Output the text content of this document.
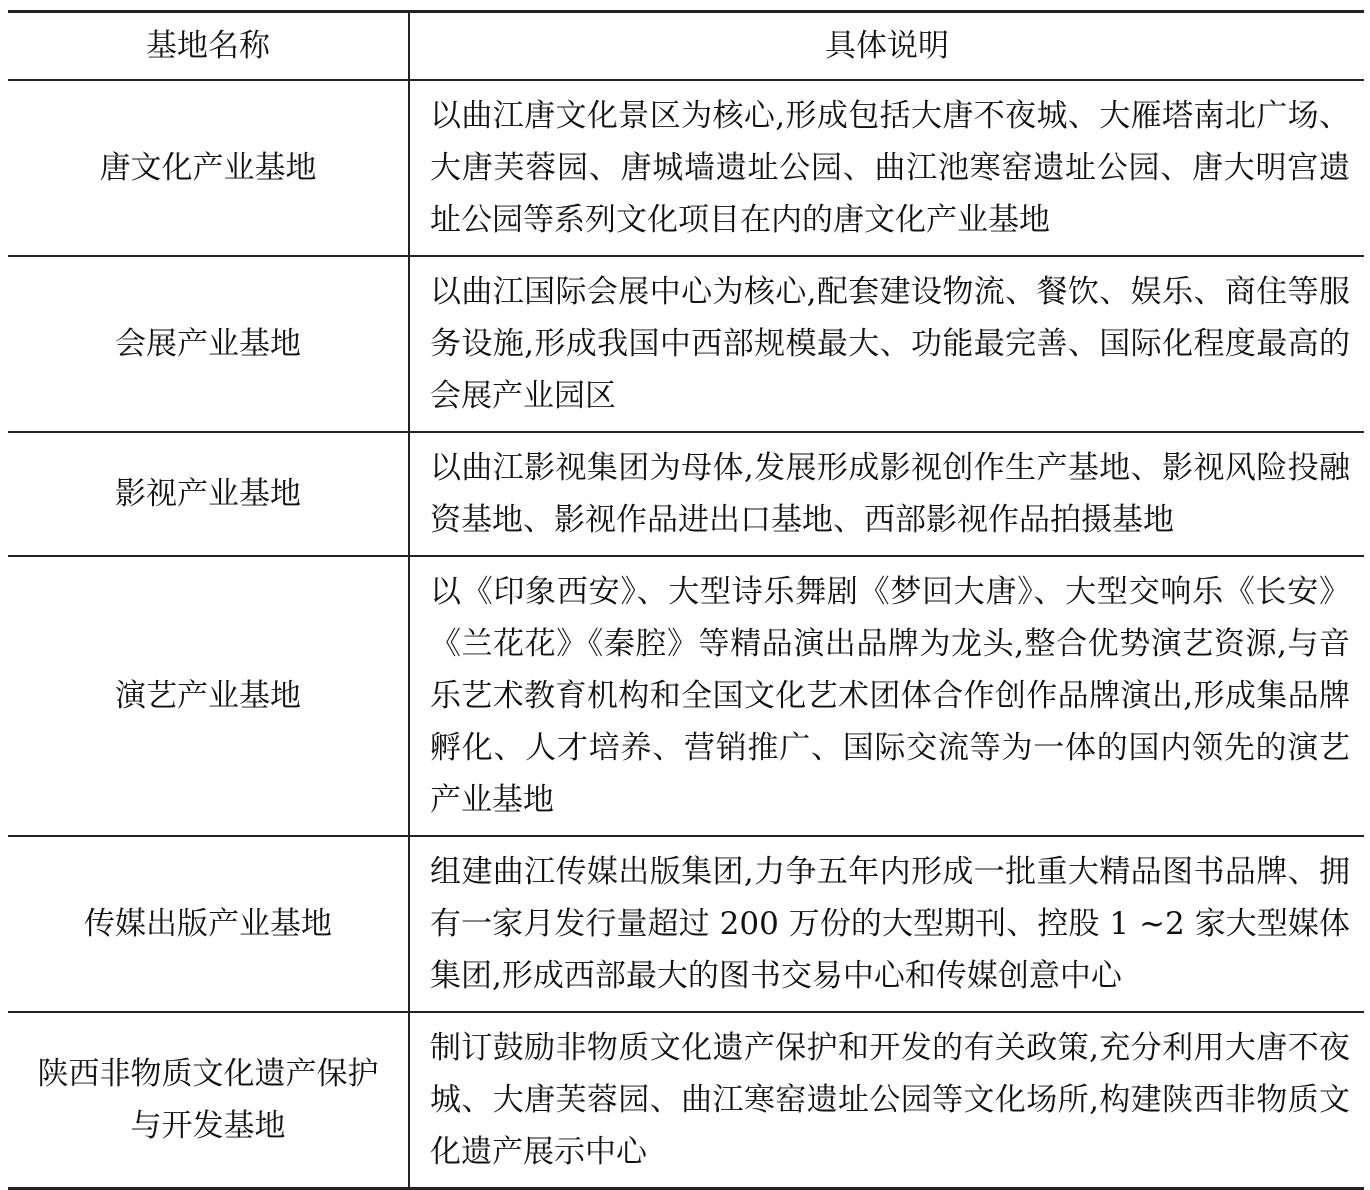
基地名称	具体说明
唐文化产业基地	以曲江唐文化景区为核心,形成包括大唐不夜城、大雁塔南北广场、大唐芙蓉园、唐城墙遗址公园、曲江池寒窑遗址公园、唐大明宫遗址公园等系列文化项目在内的唐文化产业基地
会展产业基地	以曲江国际会展中心为核心,配套建设物流、餐饮、娱乐、商住等服务设施,形成我国中西部规模最大、功能最完善、国际化程度最高的会展产业园区
影视产业基地	以曲江影视集团为母体,发展形成影视创作生产基地、影视风险投融资基地、影视作品进出口基地、西部影视作品拍摄基地
演艺产业基地	以《印象西安》、大型诗乐舞剧《梦回大唐》、大型交响乐《长安》《兰花花》《秦腔》等精品演出品牌为龙头,整合优势演艺资源,与音乐艺术教育机构和全国文化艺术团体合作创作品牌演出,形成集品牌孵化、人才培养、营销推广、国际交流等为一体的国内领先的演艺产业基地
传媒出版产业基地	组建曲江传媒出版集团,力争五年内形成一批重大精品图书品牌、拥有一家月发行量超过 200 万份的大型期刊、控股 1 ~2 家大型媒体集团,形成西部最大的图书交易中心和传媒创意中心
陕西非物质文化遗产保护与开发基地	制订鼓励非物质文化遗产保护和开发的有关政策,充分利用大唐不夜城、大唐芙蓉园、曲江寒窑遗址公园等文化场所,构建陕西非物质文化遗产展示中心
